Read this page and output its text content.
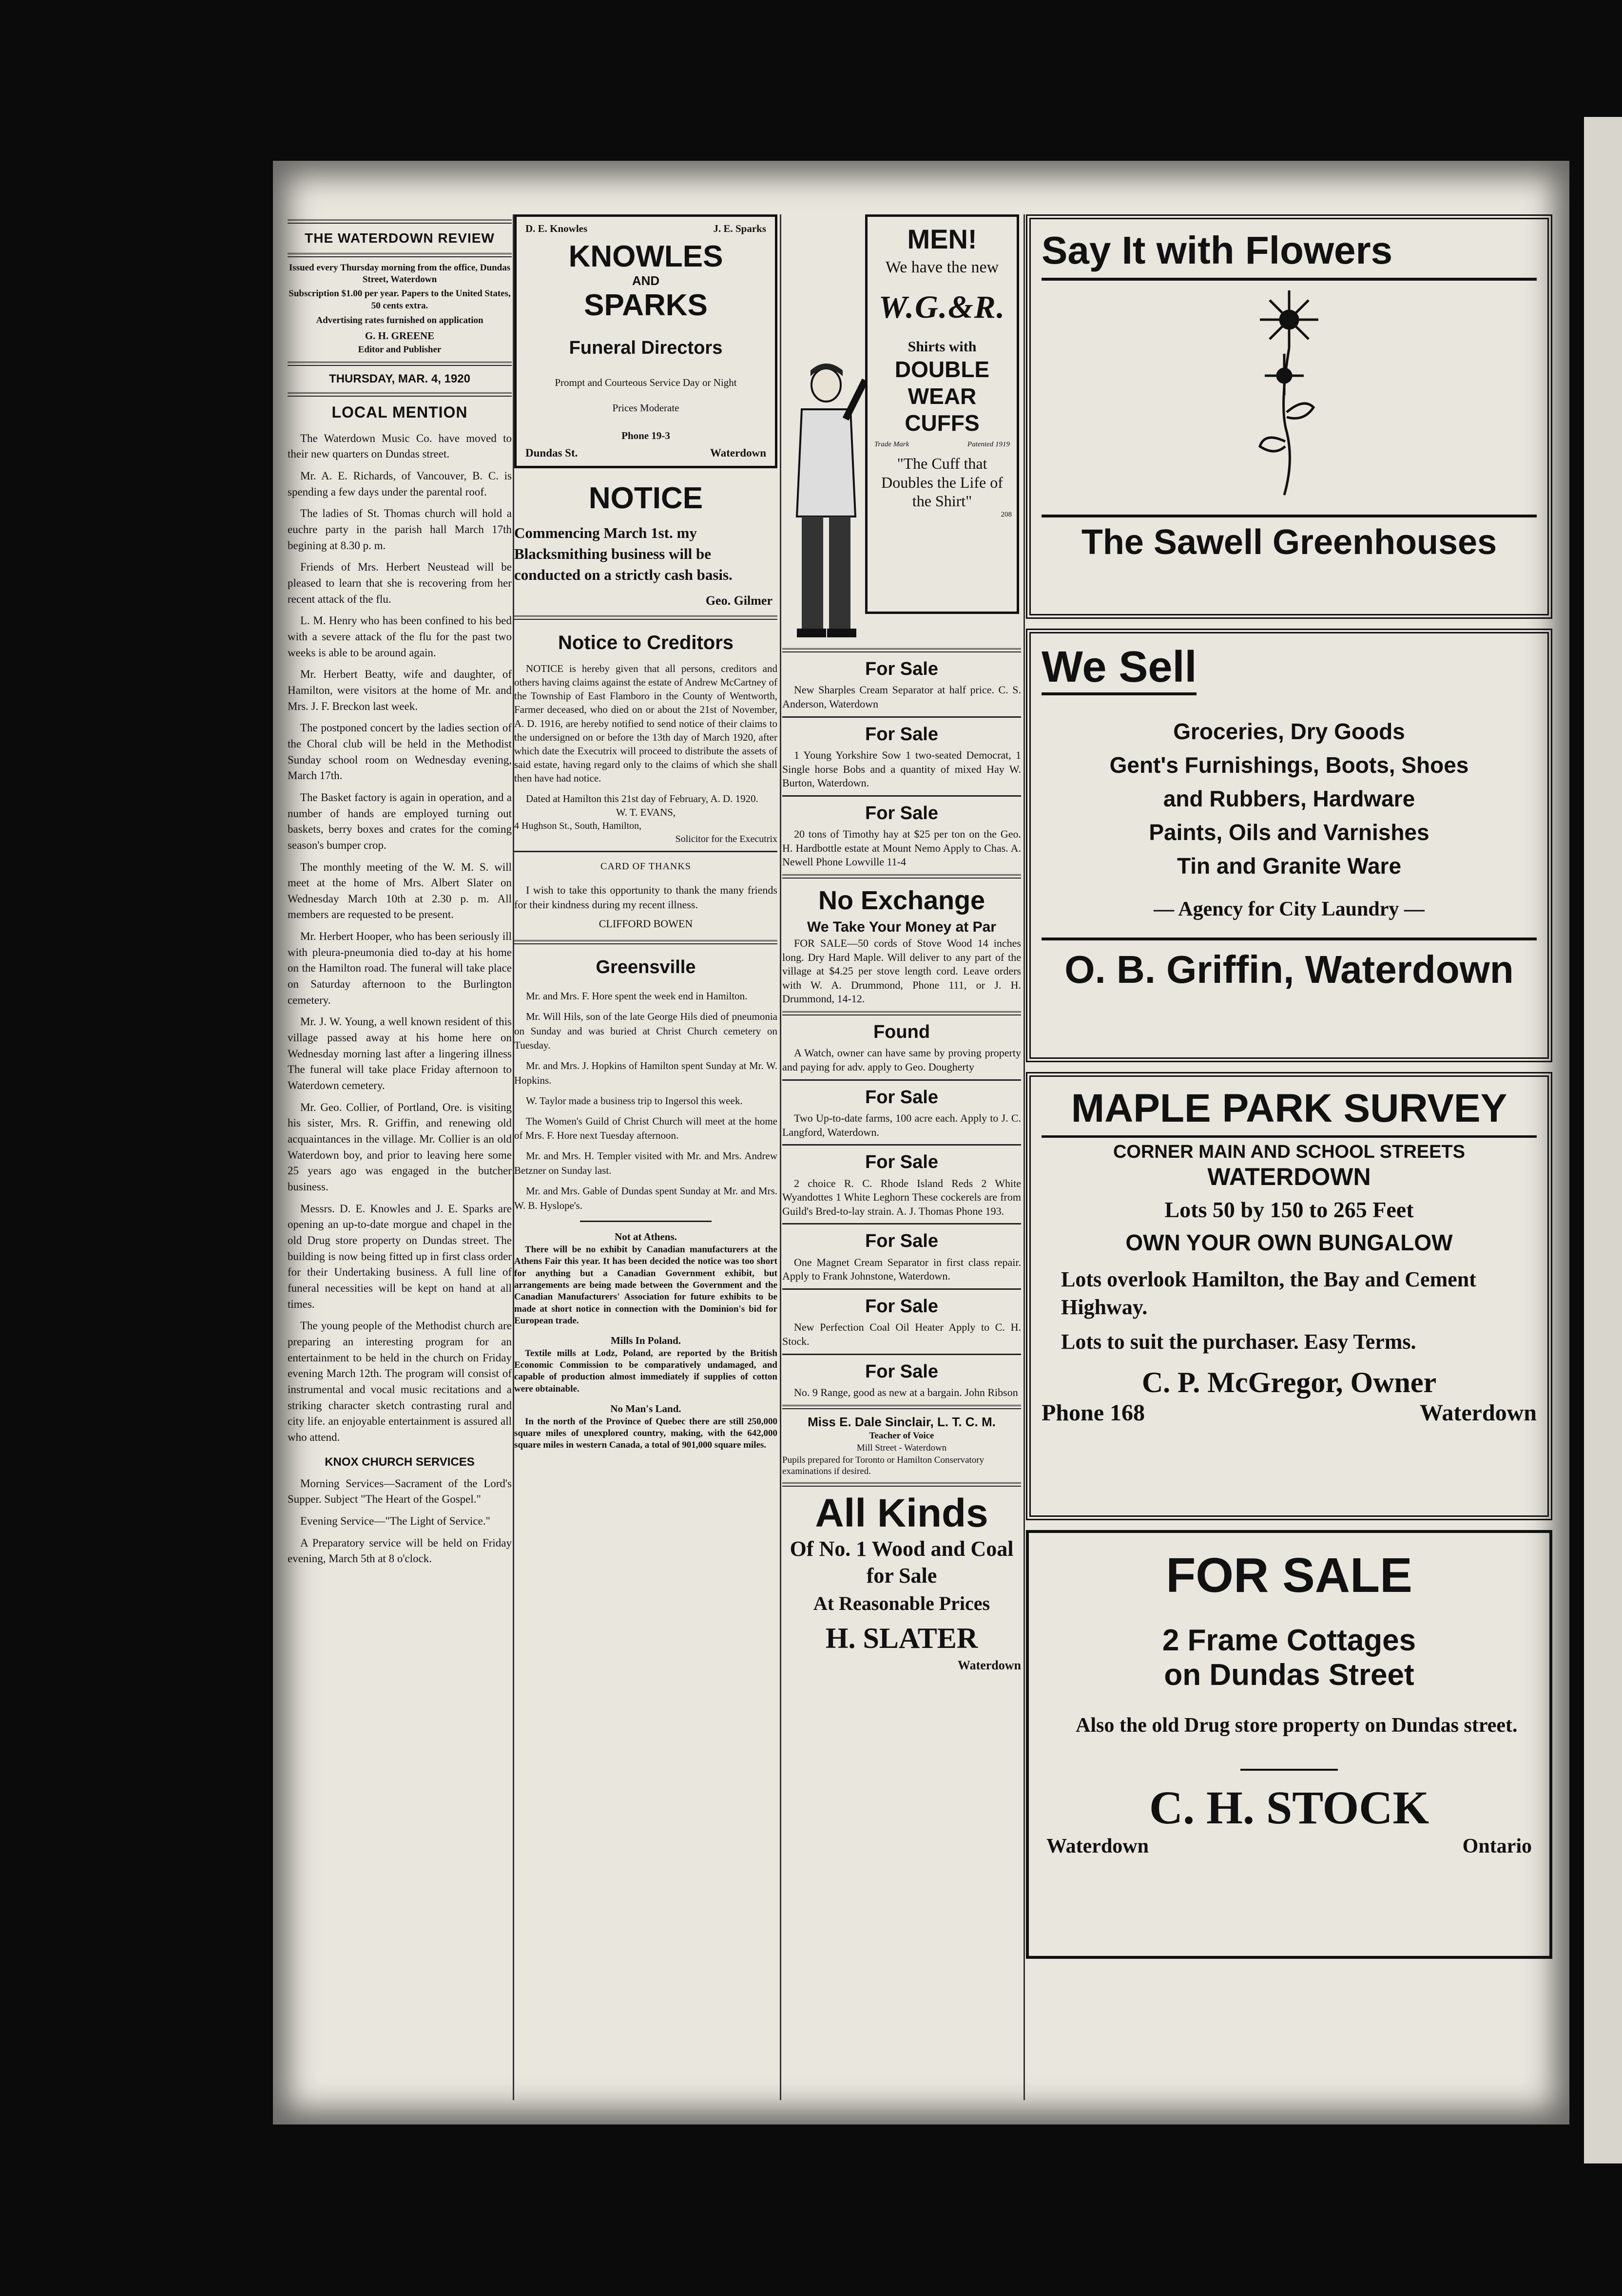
THE WATERDOWN REVIEW
Issued every Thursday morning from the office, Dundas Street, Waterdown
Subscription $1.00 per year. Papers to the United States, 50 cents extra.
Advertising rates furnished on application
G. H. GREENE
Editor and Publisher
THURSDAY, MAR. 4, 1920
LOCAL MENTION

The Waterdown Music Co. have moved to their new quarters on Dundas street.

Mr. A. E. Richards, of Vancouver, B. C. is spending a few days under the parental roof.

The ladies of St. Thomas church will hold a euchre party in the parish hall March 17th begining at 8.30 p. m.

Friends of Mrs. Herbert Neustead will be pleased to learn that she is recovering from her recent attack of the flu.

L. M. Henry who has been confined to his bed with a severe attack of the flu for the past two weeks is able to be around again.

Mr. Herbert Beatty, wife and daughter, of Hamilton, were visitors at the home of Mr. and Mrs. J. F. Breckon last week.

The postponed concert by the ladies section of the Choral club will be held in the Methodist Sunday school room on Wednesday evening, March 17th.

The Basket factory is again in operation, and a number of hands are employed turning out baskets, berry boxes and crates for the coming season's bumper crop.

The monthly meeting of the W. M. S. will meet at the home of Mrs. Albert Slater on Wednesday March 10th at 2.30 p. m. All members are requested to be present.

Mr. Herbert Hooper, who has been seriously ill with pleura-pneumonia died to-day at his home on the Hamilton road. The funeral will take place on Saturday afternoon to the Burlington cemetery.

Mr. J. W. Young, a well known resident of this village passed away at his home here on Wednesday morning last after a lingering illness The funeral will take place Friday afternoon to Waterdown cemetery.

Mr. Geo. Collier, of Portland, Ore. is visiting his sister, Mrs. R. Griffin, and renewing old acquaintances in the village. Mr. Collier is an old Waterdown boy, and prior to leaving here some 25 years ago was engaged in the butcher business.

Messrs. D. E. Knowles and J. E. Sparks are opening an up-to-date morgue and chapel in the old Drug store property on Dundas street. The building is now being fitted up in first class order for their Undertaking business. A full line of funeral necessities will be kept on hand at all times.

The young people of the Methodist church are preparing an interesting program for an entertainment to be held in the church on Friday evening March 12th. The program will consist of instrumental and vocal music recitations and a striking character sketch contrasting rural and city life. an enjoyable entertainment is assured all who attend.

KNOX CHURCH SERVICES

Morning Services—Sacrament of the Lord's Supper. Subject "The Heart of the Gospel."

Evening Service—"The Light of Service."

A Preparatory service will be held on Friday evening, March 5th at 8 o'clock.

D. E. Knowles	J. E. Sparks
KNOWLES
AND
SPARKS
Funeral Directors
Prompt and Courteous Service Day or Night
Prices Moderate
Phone 19-3
Dundas St.	Waterdown
NOTICE
Commencing March 1st. my Blacksmithing business will be conducted on a strictly cash basis.
Geo. Gilmer
Notice to Creditors
NOTICE is hereby given that all persons, creditors and others having claims against the estate of Andrew McCartney of the Township of East Flamboro in the County of Wentworth, Farmer deceased, who died on or about the 21st of November, A. D. 1916, are hereby notified to send notice of their claims to the undersigned on or before the 13th day of March 1920, after which date the Executrix will proceed to distribute the assets of said estate, having regard only to the claims of which she shall then have had notice.
Dated at Hamilton this 21st day of February, A. D. 1920.
W. T. EVANS,
4 Hughson St., South, Hamilton,
Solicitor for the Executrix
CARD OF THANKS
I wish to take this opportunity to thank the many friends for their kindness during my recent illness.
CLIFFORD BOWEN
Greensville

Mr. and Mrs. F. Hore spent the week end in Hamilton.

Mr. Will Hils, son of the late George Hils died of pneumonia on Sunday and was buried at Christ Church cemetery on Tuesday.

Mr. and Mrs. J. Hopkins of Hamilton spent Sunday at Mr. W. Hopkins.

W. Taylor made a business trip to Ingersol this week.

The Women's Guild of Christ Church will meet at the home of Mrs. F. Hore next Tuesday afternoon.

Mr. and Mrs. H. Templer visited with Mr. and Mrs. Andrew Betzner on Sunday last.

Mr. and Mrs. Gable of Dundas spent Sunday at Mr. and Mrs. W. B. Hyslope's.

Not at Athens.
There will be no exhibit by Canadian manufacturers at the Athens Fair this year. It has been decided the notice was too short for anything but a Canadian Government exhibit, but arrangements are being made between the Government and the Canadian Manufacturers' Association for future exhibits to be made at short notice in connection with the Dominion's bid for European trade.
Mills In Poland.
Textile mills at Lodz, Poland, are reported by the British Economic Commission to be comparatively undamaged, and capable of production almost immediately if supplies of cotton were obtainable.
No Man's Land.
In the north of the Province of Quebec there are still 250,000 square miles of unexplored country, making, with the 642,000 square miles in western Canada, a total of 901,000 square miles.
MEN!
We have the new
W.G.&R.
Shirts with
DOUBLE WEAR CUFFS
Trade Mark	Patented 1919
"The Cuff that Doubles the Life of the Shirt"
208
For Sale
New Sharples Cream Separator at half price. C. S. Anderson, Waterdown
For Sale
1 Young Yorkshire Sow 1 two-seated Democrat, 1 Single horse Bobs and a quantity of mixed Hay W. Burton, Waterdown.
For Sale
20 tons of Timothy hay at $25 per ton on the Geo. H. Hardbottle estate at Mount Nemo Apply to Chas. A. Newell Phone Lowville 11-4
No Exchange
We Take Your Money at Par
FOR SALE—50 cords of Stove Wood 14 inches long. Dry Hard Maple. Will deliver to any part of the village at $4.25 per stove length cord. Leave orders with W. A. Drummond, Phone 111, or J. H. Drummond, 14-12.
Found
A Watch, owner can have same by proving property and paying for adv. apply to Geo. Dougherty
For Sale
Two Up-to-date farms, 100 acre each. Apply to J. C. Langford, Waterdown.
For Sale
2 choice R. C. Rhode Island Reds 2 White Wyandottes 1 White Leghorn These cockerels are from Guild's Bred-to-lay strain. A. J. Thomas Phone 193.
For Sale
One Magnet Cream Separator in first class repair. Apply to Frank Johnstone, Waterdown.
For Sale
New Perfection Coal Oil Heater Apply to C. H. Stock.
For Sale
No. 9 Range, good as new at a bargain. John Ribson
Miss E. Dale Sinclair, L. T. C. M.
Teacher of Voice
Mill Street - Waterdown
Pupils prepared for Toronto or Hamilton Conservatory examinations if desired.
All Kinds
Of No. 1 Wood and Coal for Sale
At Reasonable Prices
H. SLATER
Waterdown
Say It with Flowers
The Sawell Greenhouses
We Sell
Groceries, Dry Goods
Gent's Furnishings, Boots, Shoes
and Rubbers, Hardware
Paints, Oils and Varnishes
Tin and Granite Ware
— Agency for City Laundry —
O. B. Griffin, Waterdown
MAPLE PARK SURVEY
CORNER MAIN AND SCHOOL STREETS
WATERDOWN
Lots 50 by 150 to 265 Feet
OWN YOUR OWN BUNGALOW
Lots overlook Hamilton, the Bay and Cement Highway.
Lots to suit the purchaser. Easy Terms.
C. P. McGregor, Owner
Phone 168	Waterdown
FOR SALE
2 Frame Cottages
on Dundas Street
Also the old Drug store property on Dundas street.
C. H. STOCK
Waterdown	Ontario
